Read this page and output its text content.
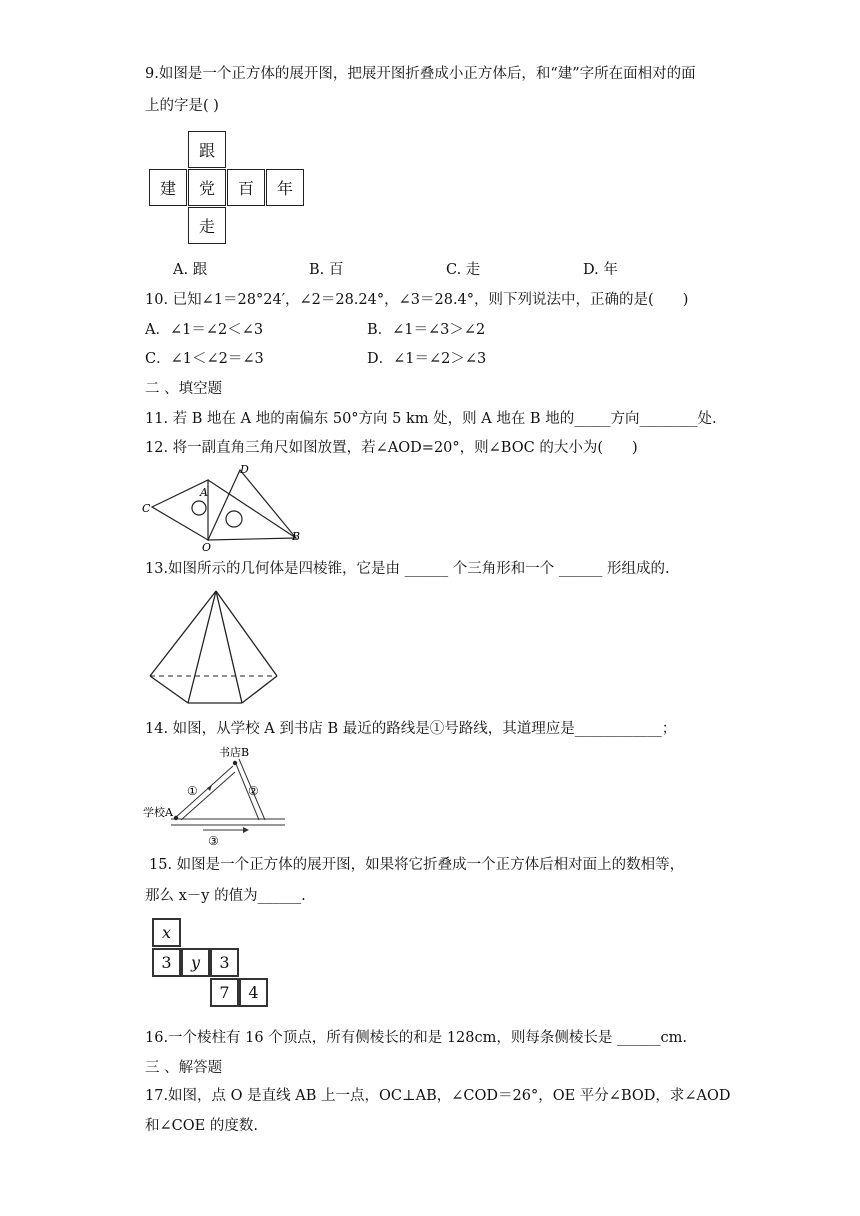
9.如图是一个正方体的展开图，把展开图折叠成小正方体后，和“建”字所在面相对的面
上的字是( )
跟
建	党	百	年
走
A. 跟	B. 百	C. 走	D. 年
10. 已知∠1＝28°24′，∠2＝28.24°，∠3＝28.4°，则下列说法中，正确的是(　　)
A．∠1＝∠2＜∠3	B．∠1＝∠3＞∠2
C．∠1＜∠2＝∠3	D．∠1＝∠2＞∠3
二 、填空题
11. 若 B 地在 A 地的南偏东 50°方向 5 km 处，则 A 地在 B 地的_____方向________处.
12. 将一副直角三角尺如图放置，若∠AOD=20°，则∠BOC 的大小为(　　)
C
A
D
O
B
13.如图所示的几何体是四棱锥，它是由 ______ 个三角形和一个 ______ 形组成的.
14. 如图，从学校 A 到书店 B 最近的路线是①号路线，其道理应是____________；
书店B
学校A
①	②
③
15. 如图是一个正方体的展开图，如果将它折叠成一个正方体后相对面上的数相等，
那么 x－y 的值为______.
x
3	y	3
7	4
16.一个棱柱有 16 个顶点，所有侧棱长的和是 128cm，则每条侧棱长是 ______cm.
三 、解答题
17.如图，点 O 是直线 AB 上一点，OC⊥AB，∠COD＝26°，OE 平分∠BOD，求∠AOD
和∠COE 的度数.
